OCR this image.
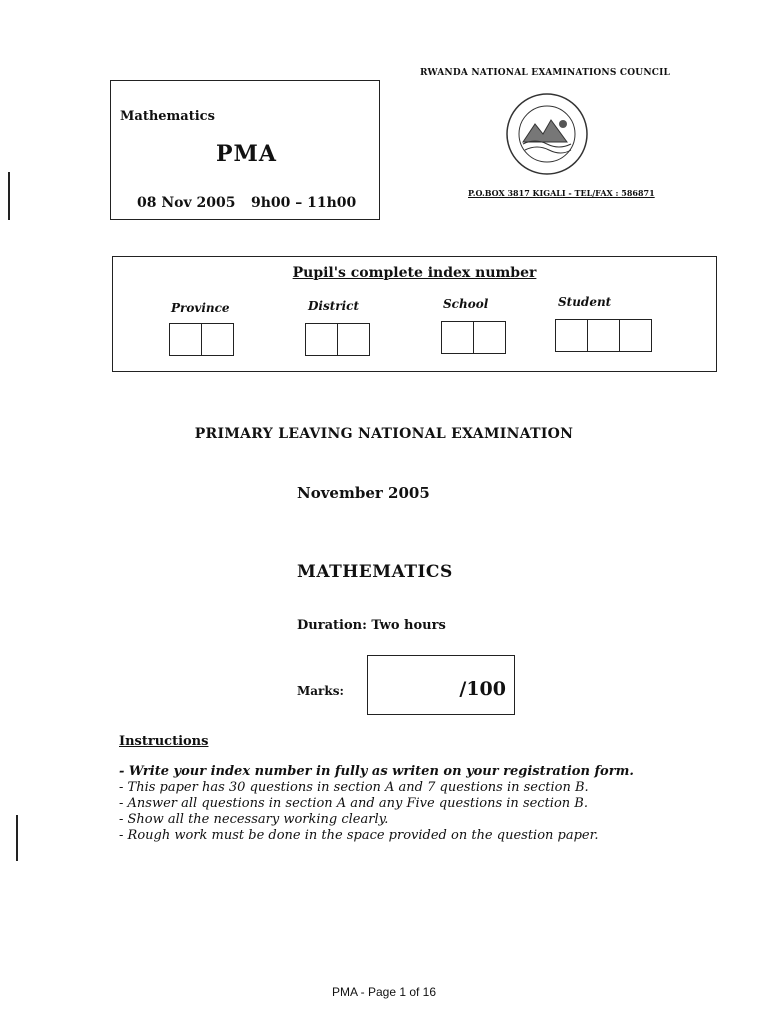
Mathematics
PMA
08 Nov 2005 9h00 – 11h00
RWANDA NATIONAL EXAMINATIONS COUNCIL
P.O.BOX 3817 KIGALI - TEL/FAX : 586871
Pupil's complete index number
Province	District	School	Student
PRIMARY LEAVING NATIONAL EXAMINATION
November 2005
MATHEMATICS
Duration: Two hours
Marks:	/100
Instructions
- Write your index number in fully as writen on your registration form.
- This paper has 30 questions in section A and 7 questions in section B.
- Answer all questions in section A and any Five questions in section B.
- Show all the necessary working clearly.
- Rough work must be done in the space provided on the question paper.
PMA - Page 1 of 16
